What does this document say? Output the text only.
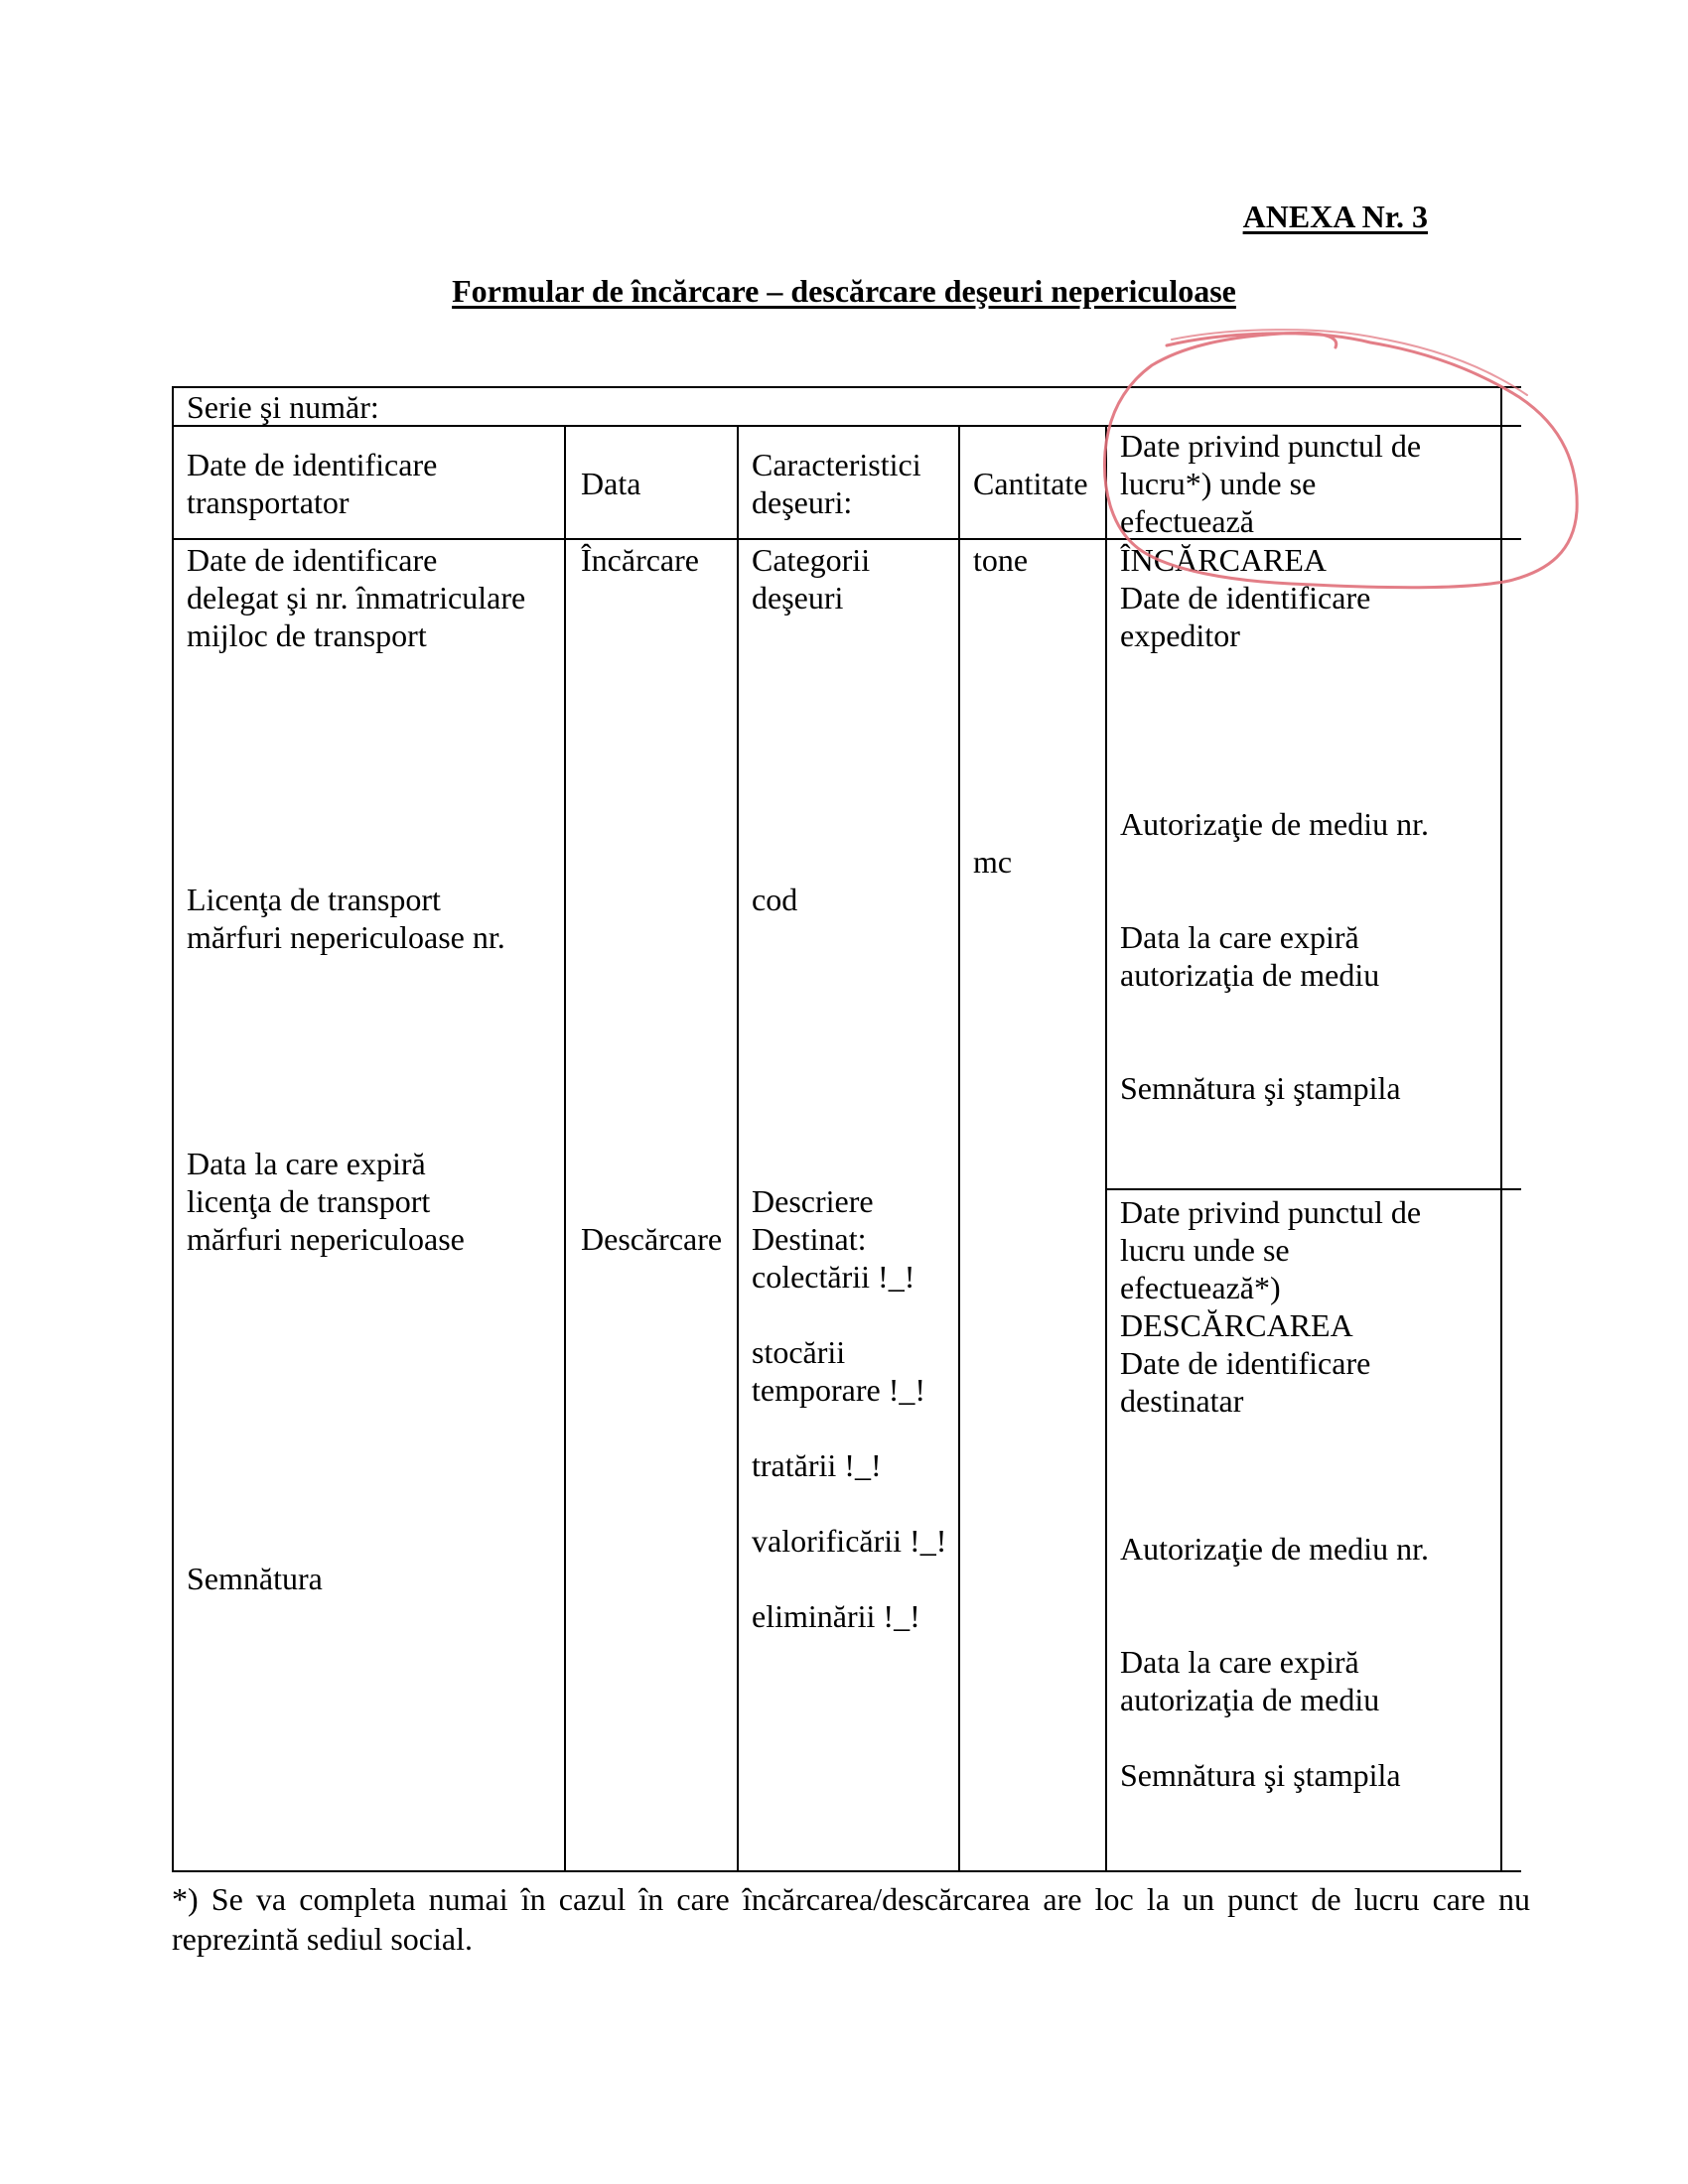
ANEXA Nr. 3
Formular de încărcare – descărcare deşeuri nepericuloase
Serie şi număr:
Date de identificare
transportator
Data
Caracteristici
deşeuri:
Cantitate
Date privind punctul de
lucru*) unde se
efectuează
Date de identificare
delegat şi nr. înmatriculare
mijloc de transport
Licenţa de transport
mărfuri nepericuloase nr.
Data la care expiră
licenţa de transport
mărfuri nepericuloase
Semnătura
Încărcare
Descărcare
Categorii
deşeuri
cod
Descriere
Destinat:
colectării !_!
stocării
temporare !_!
tratării !_!
valorificării !_!
eliminării !_!
tone
mc
ÎNCĂRCAREA
Date de identificare
expeditor
Autorizaţie de mediu nr.
Data la care expiră
autorizaţia de mediu
Semnătura şi ştampila
Date privind punctul de
lucru unde se
efectuează*)
DESCĂRCAREA
Date de identificare
destinatar
Autorizaţie de mediu nr.
Data la care expiră
autorizaţia de mediu
Semnătura şi ştampila
*) Se va completa numai în cazul în care încărcarea/descărcarea are loc la un punct de lucru care nu reprezintă sediul social.
